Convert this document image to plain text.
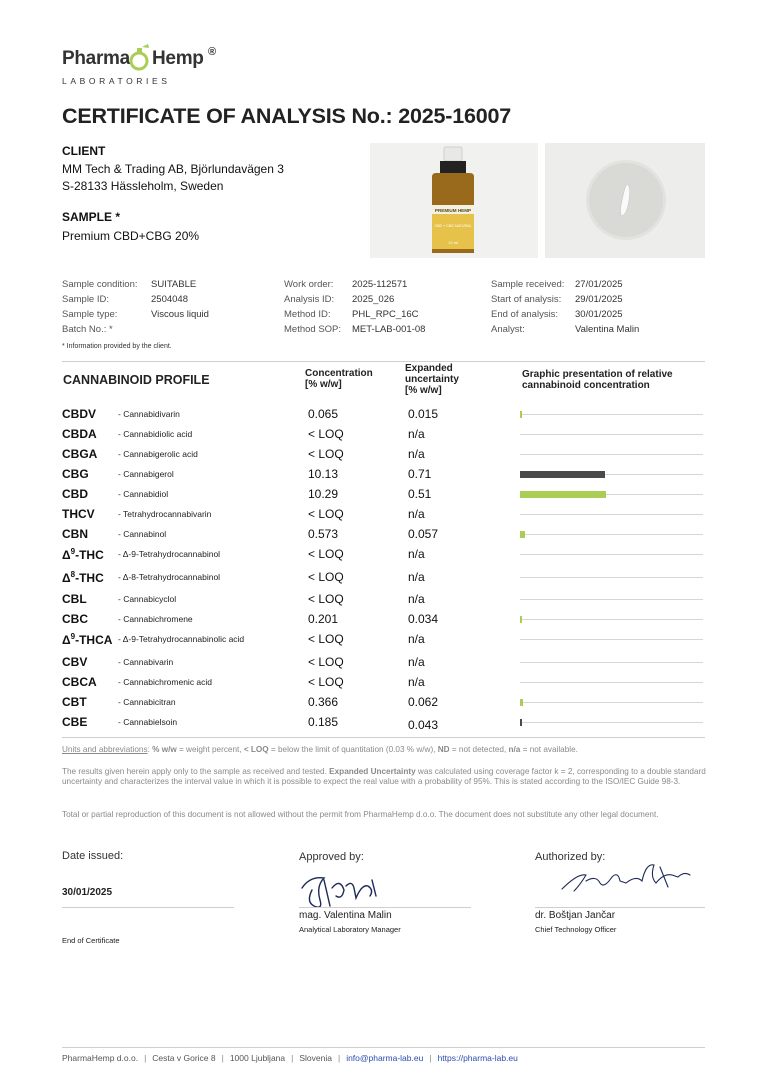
Pharma Hemp ®
LABORATORIES
CERTIFICATE OF ANALYSIS No.: 2025-16007
CLIENT
MM Tech & Trading AB, Björlundavägen 3
S-28133 Hässleholm, Sweden
SAMPLE *
Premium CBD+CBG 20%
PREMIUM HEMP
CBD + CBG NATURAL
10 ml
Sample condition: SUITABLE
Sample ID:	2504048
Sample type:	Viscous liquid
Batch No.: *
Work order: 2025-112571
Analysis ID: 2025_026
Method ID: PHL_RPC_16C
Method SOP: MET-LAB-001-08
Sample received: 27/01/2025
Start of analysis: 29/01/2025
End of analysis: 30/01/2025
Analyst:	Valentina Malin
* Information provided by the client.
CANNABINOID PROFILE	Concentration
[% w/w]
Expanded
uncertainty
[% w/w]
Graphic presentation of relative
cannabinoid concentration
CBDV	- Cannabidivarin	0.065	0.015
CBDA	- Cannabidiolic acid	< LOQ	n/a
CBGA - Cannabigerolic acid	< LOQ	n/a
CBG	- Cannabigerol	10.13	0.71
CBD	- Cannabidiol	10.29	0.51
THCV	- Tetrahydrocannabivarin	< LOQ	n/a
CBN	- Cannabinol	0.573	0.057
$\Delta^9$-THC - Δ-9-Tetrahydrocannabinol	< LOQ	n/a
$\Delta^8$-THC - Δ-8-Tetrahydrocannabinol	< LOQ	n/a
CBL	- Cannabicyclol	< LOQ	n/a
CBC	- Cannabichromene	0.201	0.034
$\Delta^9$-THCA - Δ-9-Tetrahydrocannabinolic acid	< LOQ	n/a
CBV	- Cannabivarin	< LOQ	n/a
CBCA	- Cannabichromenic acid	< LOQ	n/a
CBT	- Cannabicitran	0.366	0.062
CBE	- Cannabielsoin	0.185	0.043
Units and abbreviations: % w/w = weight percent, < LOQ = below the limit of quantitation (0.03 % w/w), ND = not detected, n/a = not available.
The results given herein apply only to the sample as received and tested. Expanded Uncertainty was calculated using coverage factor k = 2, corresponding to a double standard uncertainty and characterizes the interval value in which it is possible to expect the real value with a probability of 95%. This is stated according to the ISO/IEC Guide 98-3.
Total or partial reproduction of this document is not allowed without the permit from PharmaHemp d.o.o. The document does not substitute any other legal document.
Date issued:
30/01/2025
End of Certificate
Approved by:
mag. Valentina Malin
Analytical Laboratory Manager
Authorized by:
dr. Boštjan Jančar
Chief Technology Officer
PharmaHemp d.o.o. | Cesta v Gorice 8 | 1000 Ljubljana | Slovenia | info@pharma-lab.eu | https://pharma-lab.eu
